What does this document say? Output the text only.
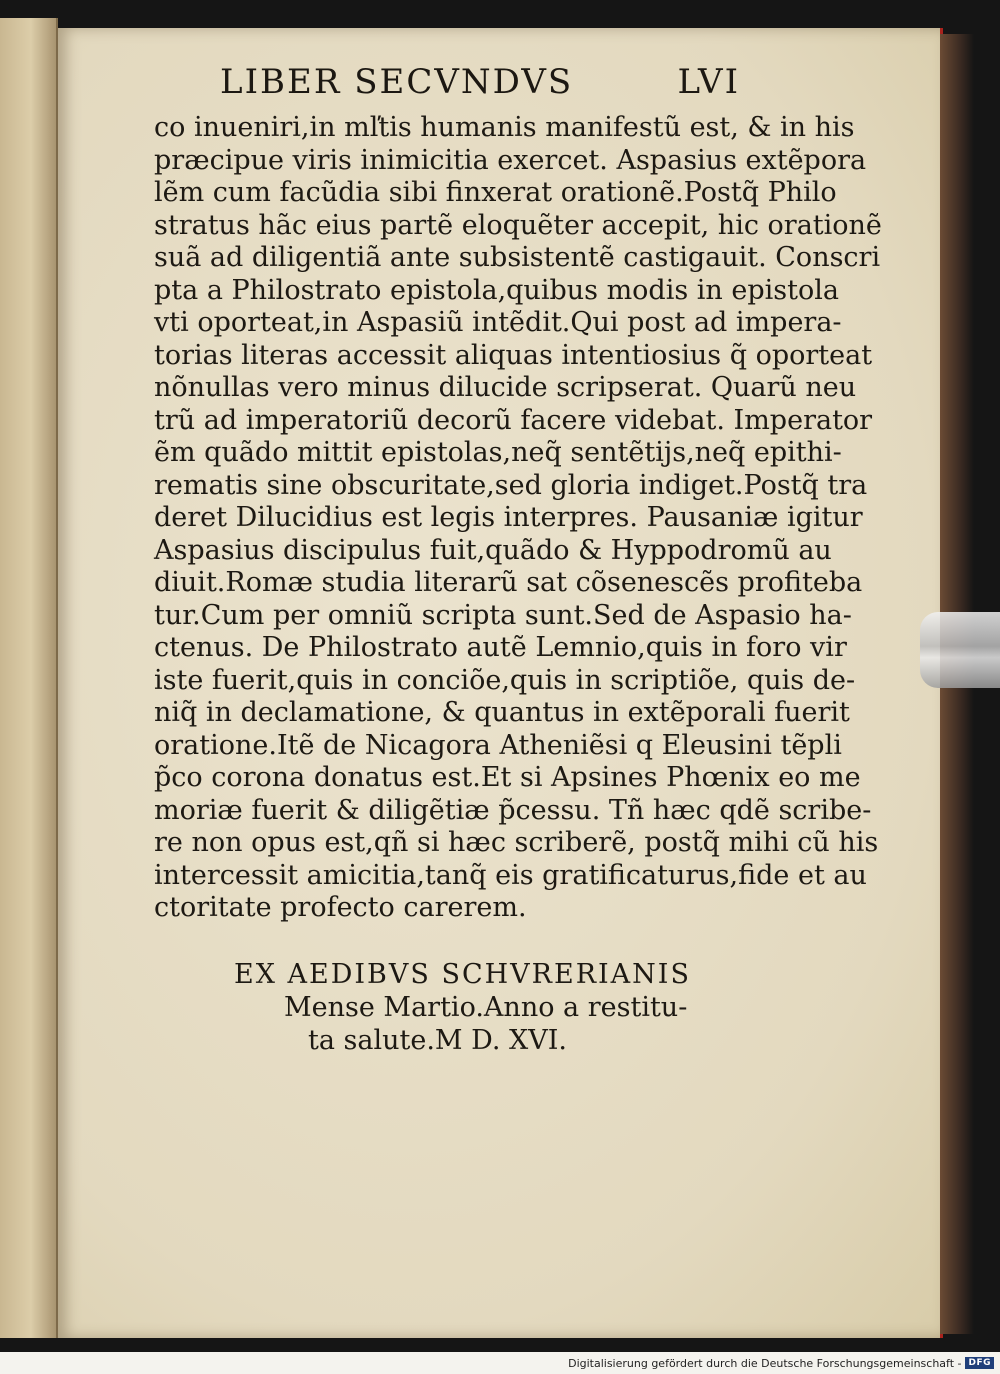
LIBER SECVNDVS	LVI
co inueniri,in mľtis humanis manifestũ est, & in his
præcipue viris inimicitia exercet. Aspasius extẽpora
lẽm cum facũdia sibi finxerat orationẽ.Postq̃ Philo
stratus hãc eius partẽ eloquẽter accepit, hic orationẽ
suã ad diligentiã ante subsistentẽ castigauit. Conscri
pta a Philostrato epistola,quibus modis in epistola
vti oporteat,in Aspasiũ intẽdit.Qui post ad impera-
torias literas accessit aliquas intentiosius q̃ oporteat
nõnullas vero minus dilucide scripserat. Quarũ neu
trũ ad imperatoriũ decorũ facere videbat. Imperator
ẽm quãdo mittit epistolas,neq̃ sentẽtijs,neq̃ epithi-
rematis sine obscuritate,sed gloria indiget.Postq̃ tra
deret Dilucidius est legis interpres. Pausaniæ igitur
Aspasius discipulus fuit,quãdo & Hyppodromũ au
diuit.Romæ studia literarũ sat cõsenescẽs profiteba
tur.Cum per omniũ scripta sunt.Sed de Aspasio ha-
ctenus. De Philostrato autẽ Lemnio,quis in foro vir
iste fuerit,quis in conciõe,quis in scriptiõe, quis de-
niq̃ in declamatione, & quantus in extẽporali fuerit
oratione.Itẽ de Nicagora Atheniẽsi q Eleusini tẽpli
p̃co corona donatus est.Et si Apsines Phœnix eo me
moriæ fuerit & diligẽtiæ p̃cessu. Tñ hæc qdẽ scribe-
re non opus est,qñ si hæc scriberẽ, postq̃ mihi cũ his
intercessit amicitia,tanq̃ eis gratificaturus,fide et au
ctoritate profecto carerem.
EX AEDIBVS SCHVRERIANIS
Mense Martio.Anno a restitu-
ta salute.M D. XVI.
Digitalisierung gefördert durch die Deutsche Forschungsgemeinschaft - DFG
